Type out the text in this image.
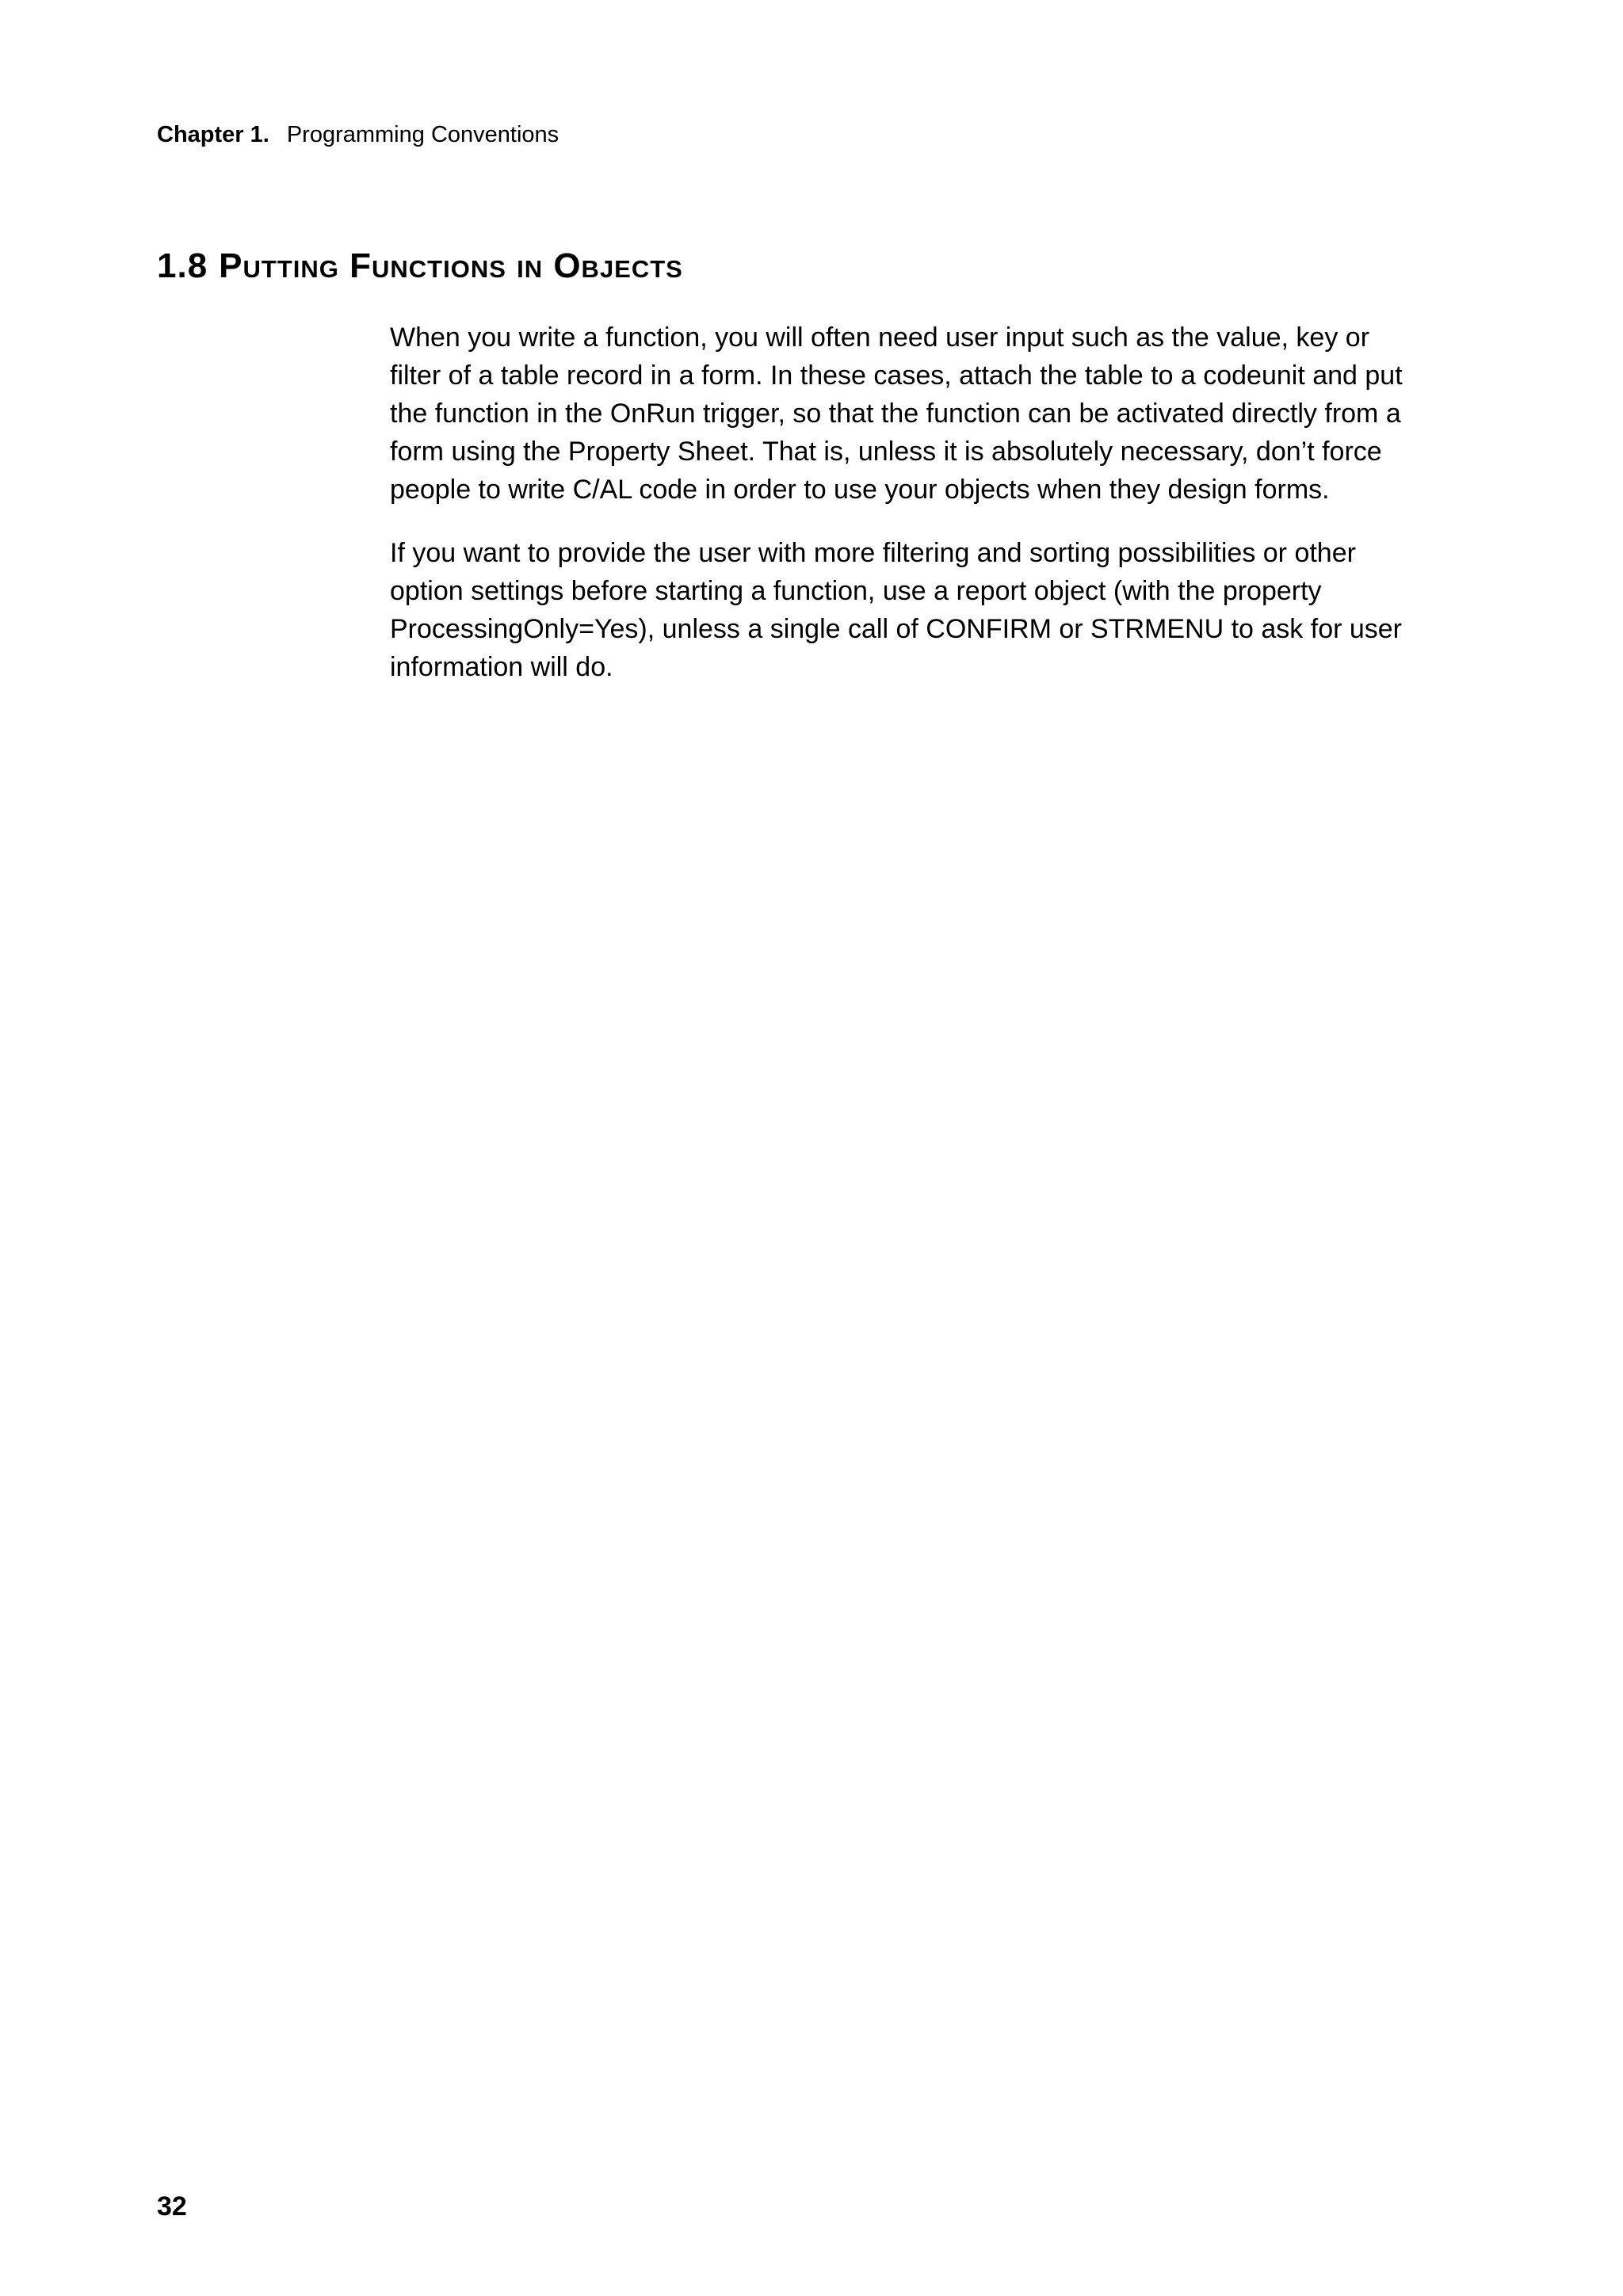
Chapter 1. Programming Conventions
1.8 Putting Functions in Objects

When you write a function, you will often need user input such as the value, key or filter of a table record in a form. In these cases, attach the table to a codeunit and put the function in the OnRun trigger, so that the function can be activated directly from a form using the Property Sheet. That is, unless it is absolutely necessary, don’t force people to write C/AL code in order to use your objects when they design forms.

If you want to provide the user with more filtering and sorting possibilities or other option settings before starting a function, use a report object (with the property ProcessingOnly=Yes), unless a single call of CONFIRM or STRMENU to ask for user information will do.

32
